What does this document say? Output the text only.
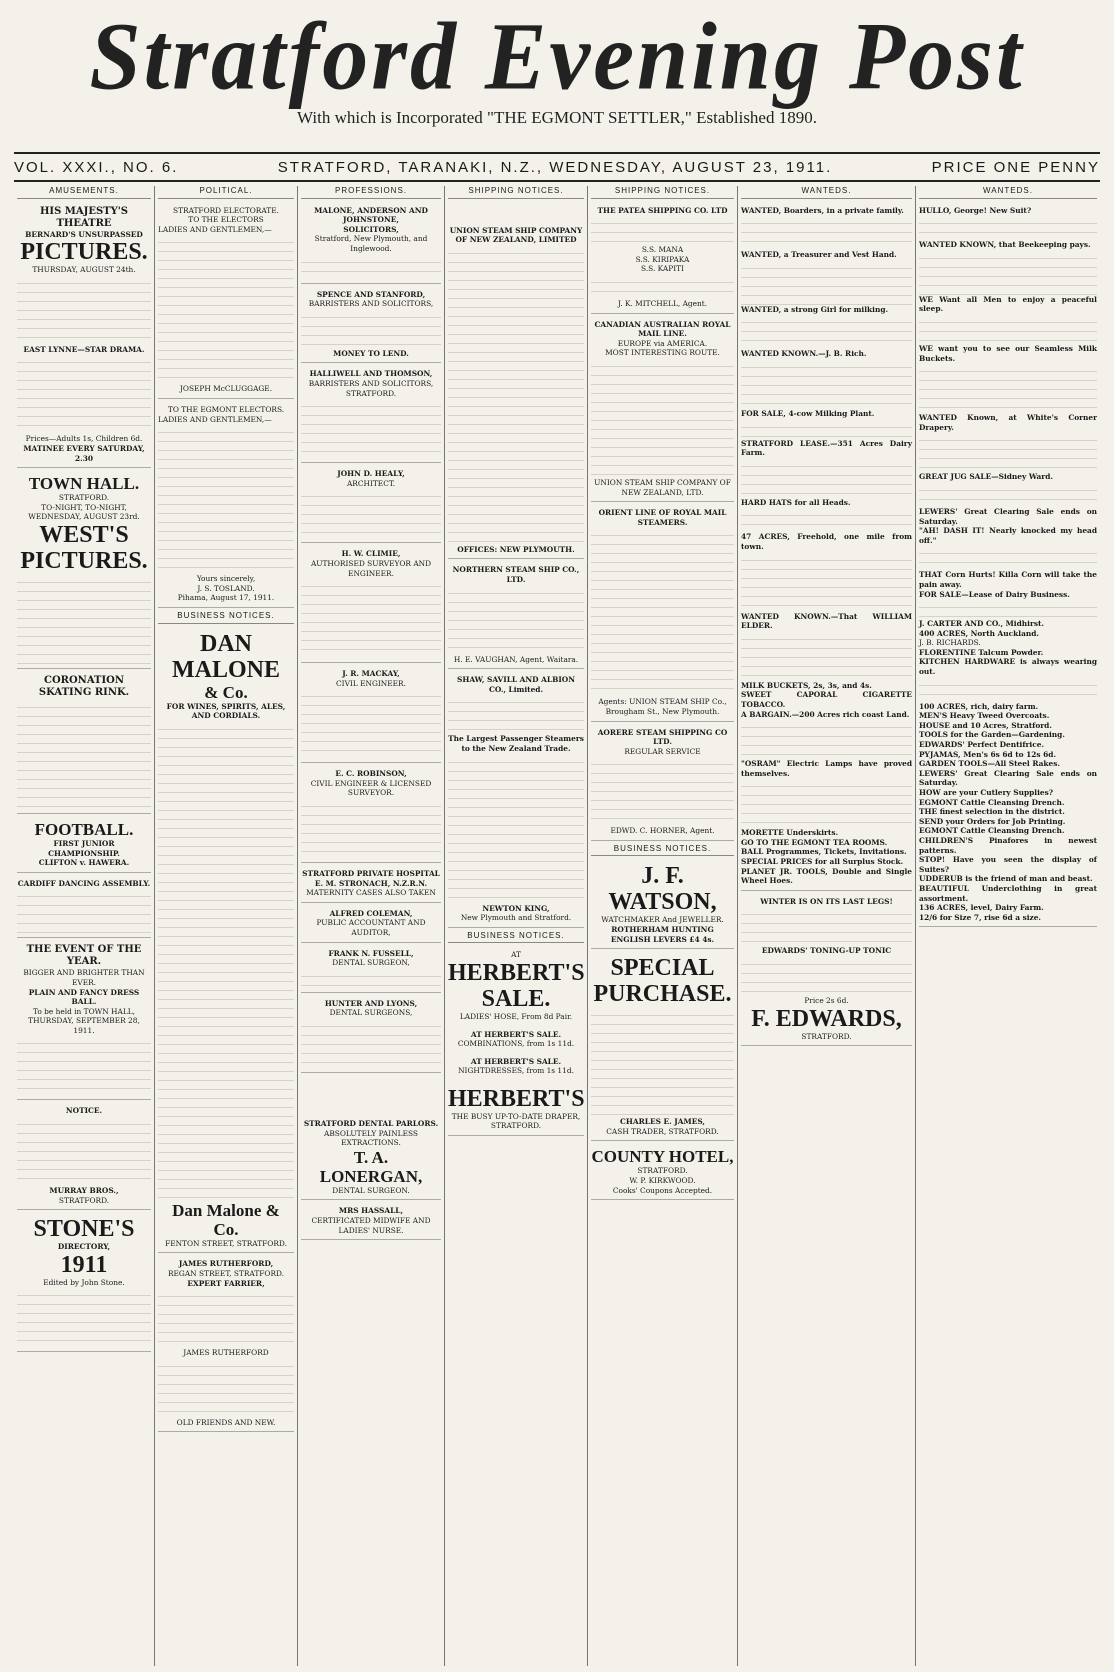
Stratford Evening Post
With which is Incorporated "THE EGMONT SETTLER," Established 1890.
VOL. XXXI., NO. 6.	STRATFORD, TARANAKI, N.Z., WEDNESDAY, AUGUST 23, 1911.	PRICE ONE PENNY
AMUSEMENTS.

HIS MAJESTY'S THEATRE

BERNARD'S UNSURPASSED

PICTURES.

THURSDAY, AUGUST 24th.

EAST LYNNE—STAR DRAMA.

Prices—Adults 1s, Children 6d.

MATINEE EVERY SATURDAY, 2.30

TOWN HALL.

STRATFORD.

TO-NIGHT, TO-NIGHT, WEDNESDAY, AUGUST 23rd.

WEST'S

PICTURES.

CORONATION SKATING RINK.

FOOTBALL.

FIRST JUNIOR CHAMPIONSHIP.

CLIFTON v. HAWERA.

CARDIFF DANCING ASSEMBLY.

THE EVENT OF THE YEAR.

BIGGER AND BRIGHTER THAN EVER.

PLAIN AND FANCY DRESS BALL.

To be held in TOWN HALL,

THURSDAY, SEPTEMBER 28, 1911.

NOTICE.

MURRAY BROS.,

STRATFORD.

STONE'S

DIRECTORY,

1911

Edited by John Stone.

POLITICAL.

STRATFORD ELECTORATE.

TO THE ELECTORS

LADIES AND GENTLEMEN,—

JOSEPH McCLUGGAGE.

TO THE EGMONT ELECTORS.

LADIES AND GENTLEMEN,—

Yours sincerely,

J. S. TOSLAND.

Pihama, August 17, 1911.

BUSINESS NOTICES.

DAN MALONE

& Co.

FOR WINES, SPIRITS, ALES, AND CORDIALS.

Dan Malone & Co.

FENTON STREET, STRATFORD.

JAMES RUTHERFORD,

REGAN STREET, STRATFORD.

EXPERT FARRIER,

JAMES RUTHERFORD

OLD FRIENDS AND NEW.

PROFESSIONS.

MALONE, ANDERSON AND JOHNSTONE,

SOLICITORS,

Stratford, New Plymouth, and Inglewood.

SPENCE AND STANFORD,

BARRISTERS AND SOLICITORS,

MONEY TO LEND.

HALLIWELL AND THOMSON,

BARRISTERS AND SOLICITORS, STRATFORD.

JOHN D. HEALY,

ARCHITECT.

H. W. CLIMIE,

AUTHORISED SURVEYOR AND ENGINEER.

J. R. MACKAY,

CIVIL ENGINEER.

E. C. ROBINSON,

CIVIL ENGINEER & LICENSED SURVEYOR.

STRATFORD PRIVATE HOSPITAL

E. M. STRONACH, N.Z.R.N.

MATERNITY CASES ALSO TAKEN

ALFRED COLEMAN,

PUBLIC ACCOUNTANT AND AUDITOR,

FRANK N. FUSSELL,

DENTAL SURGEON,

HUNTER AND LYONS,

DENTAL SURGEONS,

STRATFORD DENTAL PARLORS.

ABSOLUTELY PAINLESS EXTRACTIONS.

T. A. LONERGAN,

DENTAL SURGEON.

MRS HASSALL,

CERTIFICATED MIDWIFE AND LADIES' NURSE.

SHIPPING NOTICES.

UNION STEAM SHIP COMPANY OF NEW ZEALAND, LIMITED

OFFICES: NEW PLYMOUTH.

NORTHERN STEAM SHIP CO., LTD.

H. E. VAUGHAN, Agent, Waitara.

SHAW, SAVILL AND ALBION CO., Limited.

The Largest Passenger Steamers to the New Zealand Trade.

NEWTON KING,

New Plymouth and Stratford.

BUSINESS NOTICES.

AT

HERBERT'S

SALE.

LADIES' HOSE, From 8d Pair.

AT HERBERT'S SALE.

COMBINATIONS, from 1s 11d.

AT HERBERT'S SALE.

NIGHTDRESSES, from 1s 11d.

HERBERT'S

THE BUSY UP-TO-DATE DRAPER,

STRATFORD.

SHIPPING NOTICES.

THE PATEA SHIPPING CO. LTD

S.S. MANA

S.S. KIRIPAKA

S.S. KAPITI

J. K. MITCHELL, Agent.

CANADIAN AUSTRALIAN ROYAL MAIL LINE.

EUROPE via AMERICA.

MOST INTERESTING ROUTE.

UNION STEAM SHIP COMPANY OF NEW ZEALAND, LTD.

ORIENT LINE OF ROYAL MAIL STEAMERS.

Agents: UNION STEAM SHIP Co., Brougham St., New Plymouth.

AORERE STEAM SHIPPING CO LTD.

REGULAR SERVICE

EDWD. C. HORNER, Agent.

BUSINESS NOTICES.

J. F. WATSON,

WATCHMAKER And JEWELLER.

ROTHERHAM HUNTING ENGLISH LEVERS £4 4s.

SPECIAL

PURCHASE.

CHARLES E. JAMES,

CASH TRADER, STRATFORD.

COUNTY HOTEL,

STRATFORD.

W. P. KIRKWOOD.

Cooks' Coupons Accepted.

WANTEDS.

WANTED, Boarders, in a private family.

WANTED, a Treasurer and Vest Hand.

WANTED, a strong Girl for milking.

WANTED KNOWN.—J. B. Rich.

FOR SALE, 4-cow Milking Plant.

STRATFORD LEASE.—351 Acres Dairy Farm.

HARD HATS for all Heads.

47 ACRES, Freehold, one mile from town.

WANTED KNOWN.—That WILLIAM ELDER.

MILK BUCKETS, 2s, 3s, and 4s.

SWEET CAPORAL CIGARETTE TOBACCO.

A BARGAIN.—200 Acres rich coast Land.

"OSRAM" Electric Lamps have proved themselves.

MORETTE Underskirts.

GO TO THE EGMONT TEA ROOMS.

BALL Programmes, Tickets, Invitations.

SPECIAL PRICES for all Surplus Stock.

PLANET JR. TOOLS, Double and Single Wheel Hoes.

WINTER IS ON ITS LAST LEGS!

EDWARDS' TONING-UP TONIC

Price 2s 6d.

F. EDWARDS,

STRATFORD.

WANTEDS.

HULLO, George! New Suit?

WANTED KNOWN, that Beekeeping pays.

WE Want all Men to enjoy a peaceful sleep.

WE want you to see our Seamless Milk Buckets.

WANTED Known, at White's Corner Drapery.

GREAT JUG SALE—Sidney Ward.

LEWERS' Great Clearing Sale ends on Saturday.

"AH! DASH IT! Nearly knocked my head off."

THAT Corn Hurts! Killa Corn will take the pain away.

FOR SALE—Lease of Dairy Business.

J. CARTER AND CO., Midhirst.

400 ACRES, North Auckland.

J. B. RICHARDS.

FLORENTINE Talcum Powder.

KITCHEN HARDWARE is always wearing out.

100 ACRES, rich, dairy farm.

MEN'S Heavy Tweed Overcoats.

HOUSE and 10 Acres, Stratford.

TOOLS for the Garden—Gardening.

EDWARDS' Perfect Dentifrice.

PYJAMAS, Men's 6s 6d to 12s 6d.

GARDEN TOOLS—All Steel Rakes.

LEWERS' Great Clearing Sale ends on Saturday.

HOW are your Cutlery Supplies?

EGMONT Cattle Cleansing Drench.

THE finest selection in the district.

SEND your Orders for Job Printing.

EGMONT Cattle Cleansing Drench.

CHILDREN'S Pinafores in newest patterns.

STOP! Have you seen the display of Suites?

UDDERUB is the friend of man and beast.

BEAUTIFUL Underclothing in great assortment.

136 ACRES, level, Dairy Farm.

12/6 for Size 7, rise 6d a size.
